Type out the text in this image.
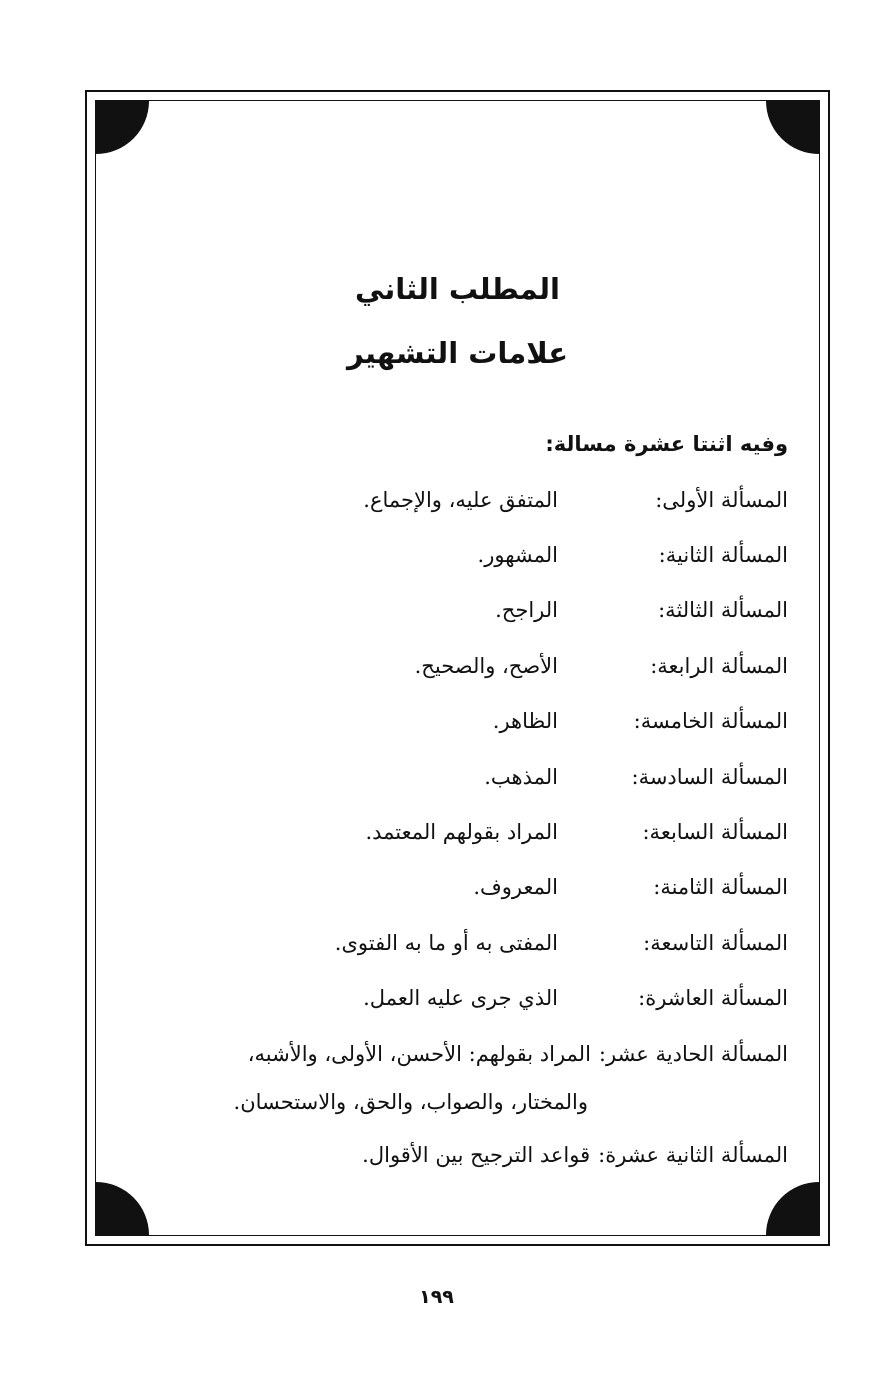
المطلب الثاني
علامات التشهير
وفيه اثنتا عشرة مسالة:
المسألة الأولى:المتفق عليه، والإجماع.
المسألة الثانية:المشهور.
المسألة الثالثة:الراجح.
المسألة الرابعة:الأصح، والصحيح.
المسألة الخامسة:الظاهر.
المسألة السادسة:المذهب.
المسألة السابعة:المراد بقولهم المعتمد.
المسألة الثامنة:المعروف.
المسألة التاسعة:المفتى به أو ما به الفتوى.
المسألة العاشرة:الذي جرى عليه العمل.
المسألة الحادية عشر:المراد بقولهم: الأحسن، الأولى، والأشبه،
والمختار، والصواب، والحق، والاستحسان.
المسألة الثانية عشرة:قواعد الترجيح بين الأقوال.
١٩٩
